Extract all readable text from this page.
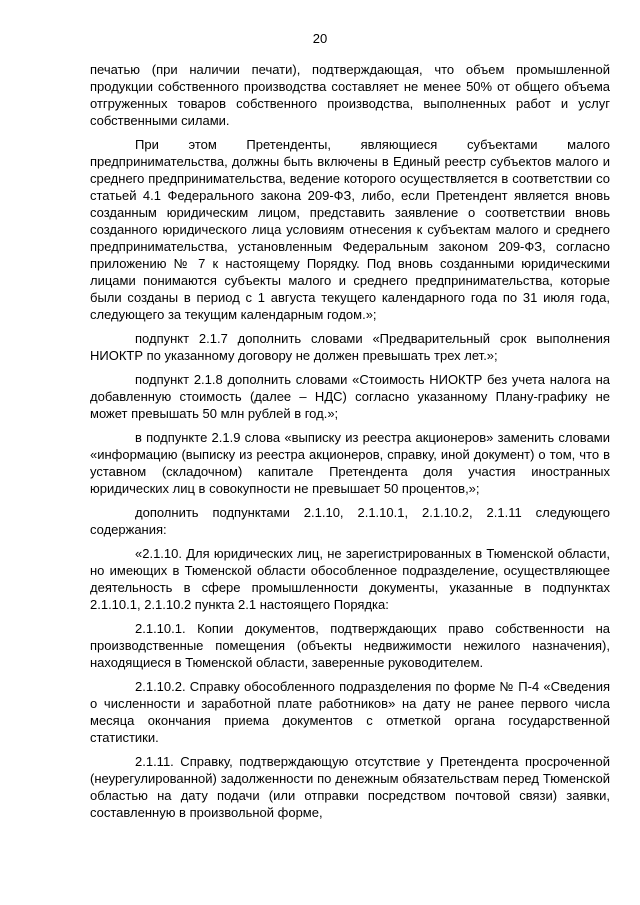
20

печатью (при наличии печати), подтверждающая, что объем промышленной продукции собственного производства составляет не менее 50% от общего объема отгруженных товаров собственного производства, выполненных работ и услуг собственными силами.

При этом Претенденты, являющиеся субъектами малого предпринимательства, должны быть включены в Единый реестр субъектов малого и среднего предпринимательства, ведение которого осуществляется в соответствии со статьей 4.1 Федерального закона 209-ФЗ, либо, если Претендент является вновь созданным юридическим лицом, представить заявление о соответствии вновь созданного юридического лица условиям отнесения к субъектам малого и среднего предпринимательства, установленным Федеральным законом 209-ФЗ, согласно приложению № 7 к настоящему Порядку. Под вновь созданными юридическими лицами понимаются субъекты малого и среднего предпринимательства, которые были созданы в период с 1 августа текущего календарного года по 31 июля года, следующего за текущим календарным годом.»;

подпункт 2.1.7 дополнить словами «Предварительный срок выполнения НИОКТР по указанному договору не должен превышать трех лет.»;

подпункт 2.1.8 дополнить словами «Стоимость НИОКТР без учета налога на добавленную стоимость (далее – НДС) согласно указанному Плану-графику не может превышать 50 млн рублей в год.»;

в подпункте 2.1.9 слова «выписку из реестра акционеров» заменить словами «информацию (выписку из реестра акционеров, справку, иной документ) о том, что в уставном (складочном) капитале Претендента доля участия иностранных юридических лиц в совокупности не превышает 50 процентов,»;

дополнить подпунктами 2.1.10, 2.1.10.1, 2.1.10.2, 2.1.11 следующего содержания:

«2.1.10. Для юридических лиц, не зарегистрированных в Тюменской области, но имеющих в Тюменской области обособленное подразделение, осуществляющее деятельность в сфере промышленности документы, указанные в подпунктах 2.1.10.1, 2.1.10.2 пункта 2.1 настоящего Порядка:

2.1.10.1. Копии документов, подтверждающих право собственности на производственные помещения (объекты недвижимости нежилого назначения), находящиеся в Тюменской области, заверенные руководителем.

2.1.10.2. Справку обособленного подразделения по форме № П-4 «Сведения о численности и заработной плате работников» на дату не ранее первого числа месяца окончания приема документов с отметкой органа государственной статистики.

2.1.11. Справку, подтверждающую отсутствие у Претендента просроченной (неурегулированной) задолженности по денежным обязательствам перед Тюменской областью на дату подачи (или отправки посредством почтовой связи) заявки, составленную в произвольной форме,
